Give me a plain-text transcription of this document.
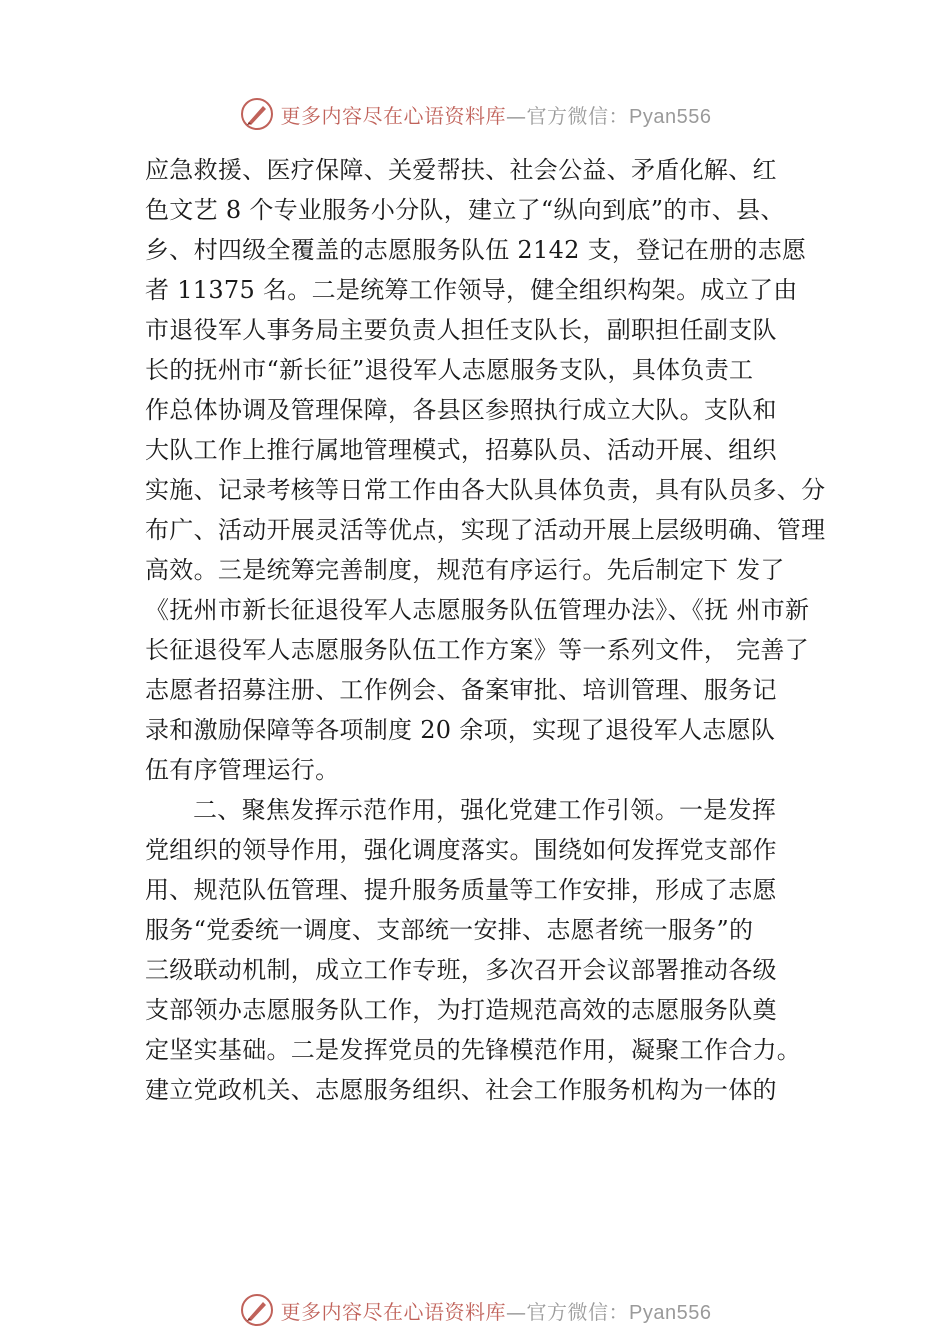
更多内容尽在心语资料库—官方微信：Pyan556
应急救援、医疗保障、关爱帮扶、社会公益、矛盾化解、红
色文艺 8 个专业服务小分队，建立了“纵向到底”的市、县、
乡、村四级全覆盖的志愿服务队伍 2142 支，登记在册的志愿
者 11375 名。二是统筹工作领导，健全组织构架。成立了由
市退役军人事务局主要负责人担任支队长，副职担任副支队
长的抚州市“新长征”退役军人志愿服务支队，具体负责工
作总体协调及管理保障，各县区参照执行成立大队。支队和
大队工作上推行属地管理模式，招募队员、活动开展、组织
实施、记录考核等日常工作由各大队具体负责，具有队员多、分
布广、活动开展灵活等优点，实现了活动开展上层级明确、管理
高效。三是统筹完善制度，规范有序运行。先后制定下 发了
《抚州市新长征退役军人志愿服务队伍管理办法》、《抚 州市新
长征退役军人志愿服务队伍工作方案》等一系列文件， 完善了
志愿者招募注册、工作例会、备案审批、培训管理、服务记
录和激励保障等各项制度 20 余项，实现了退役军人志愿队
伍有序管理运行。
二、聚焦发挥示范作用，强化党建工作引领。一是发挥
党组织的领导作用，强化调度落实。围绕如何发挥党支部作
用、规范队伍管理、提升服务质量等工作安排，形成了志愿
服务“党委统一调度、支部统一安排、志愿者统一服务”的
三级联动机制，成立工作专班，多次召开会议部署推动各级
支部领办志愿服务队工作，为打造规范高效的志愿服务队奠
定坚实基础。二是发挥党员的先锋模范作用，凝聚工作合力。
建立党政机关、志愿服务组织、社会工作服务机构为一体的
更多内容尽在心语资料库—官方微信：Pyan556
